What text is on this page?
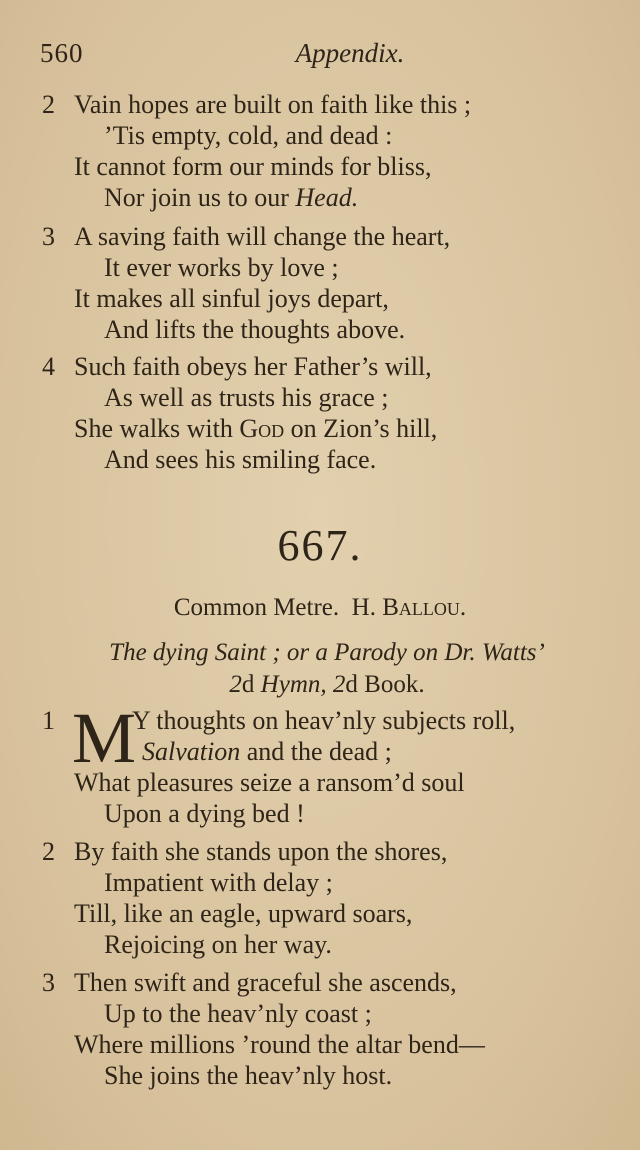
560	Appendix.
2 Vain hopes are built on faith like this ;
’Tis empty, cold, and dead :
It cannot form our minds for bliss,
Nor join us to our Head.
3 A saving faith will change the heart,
It ever works by love ;
It makes all sinful joys depart,
And lifts the thoughts above.
4 Such faith obeys her Father’s will,
As well as trusts his grace ;
She walks with God on Zion’s hill,
And sees his smiling face.
667.
Common Metre. H. Ballou.
The dying Saint ; or a Parody on Dr. Watts’
2d Hymn, 2d Book.
1 M
Y thoughts on heav’nly subjects roll,
Salvation and the dead ;
What pleasures seize a ransom’d soul
Upon a dying bed !
2 By faith she stands upon the shores,
Impatient with delay ;
Till, like an eagle, upward soars,
Rejoicing on her way.
3 Then swift and graceful she ascends,
Up to the heav’nly coast ;
Where millions ’round the altar bend—
She joins the heav’nly host.
